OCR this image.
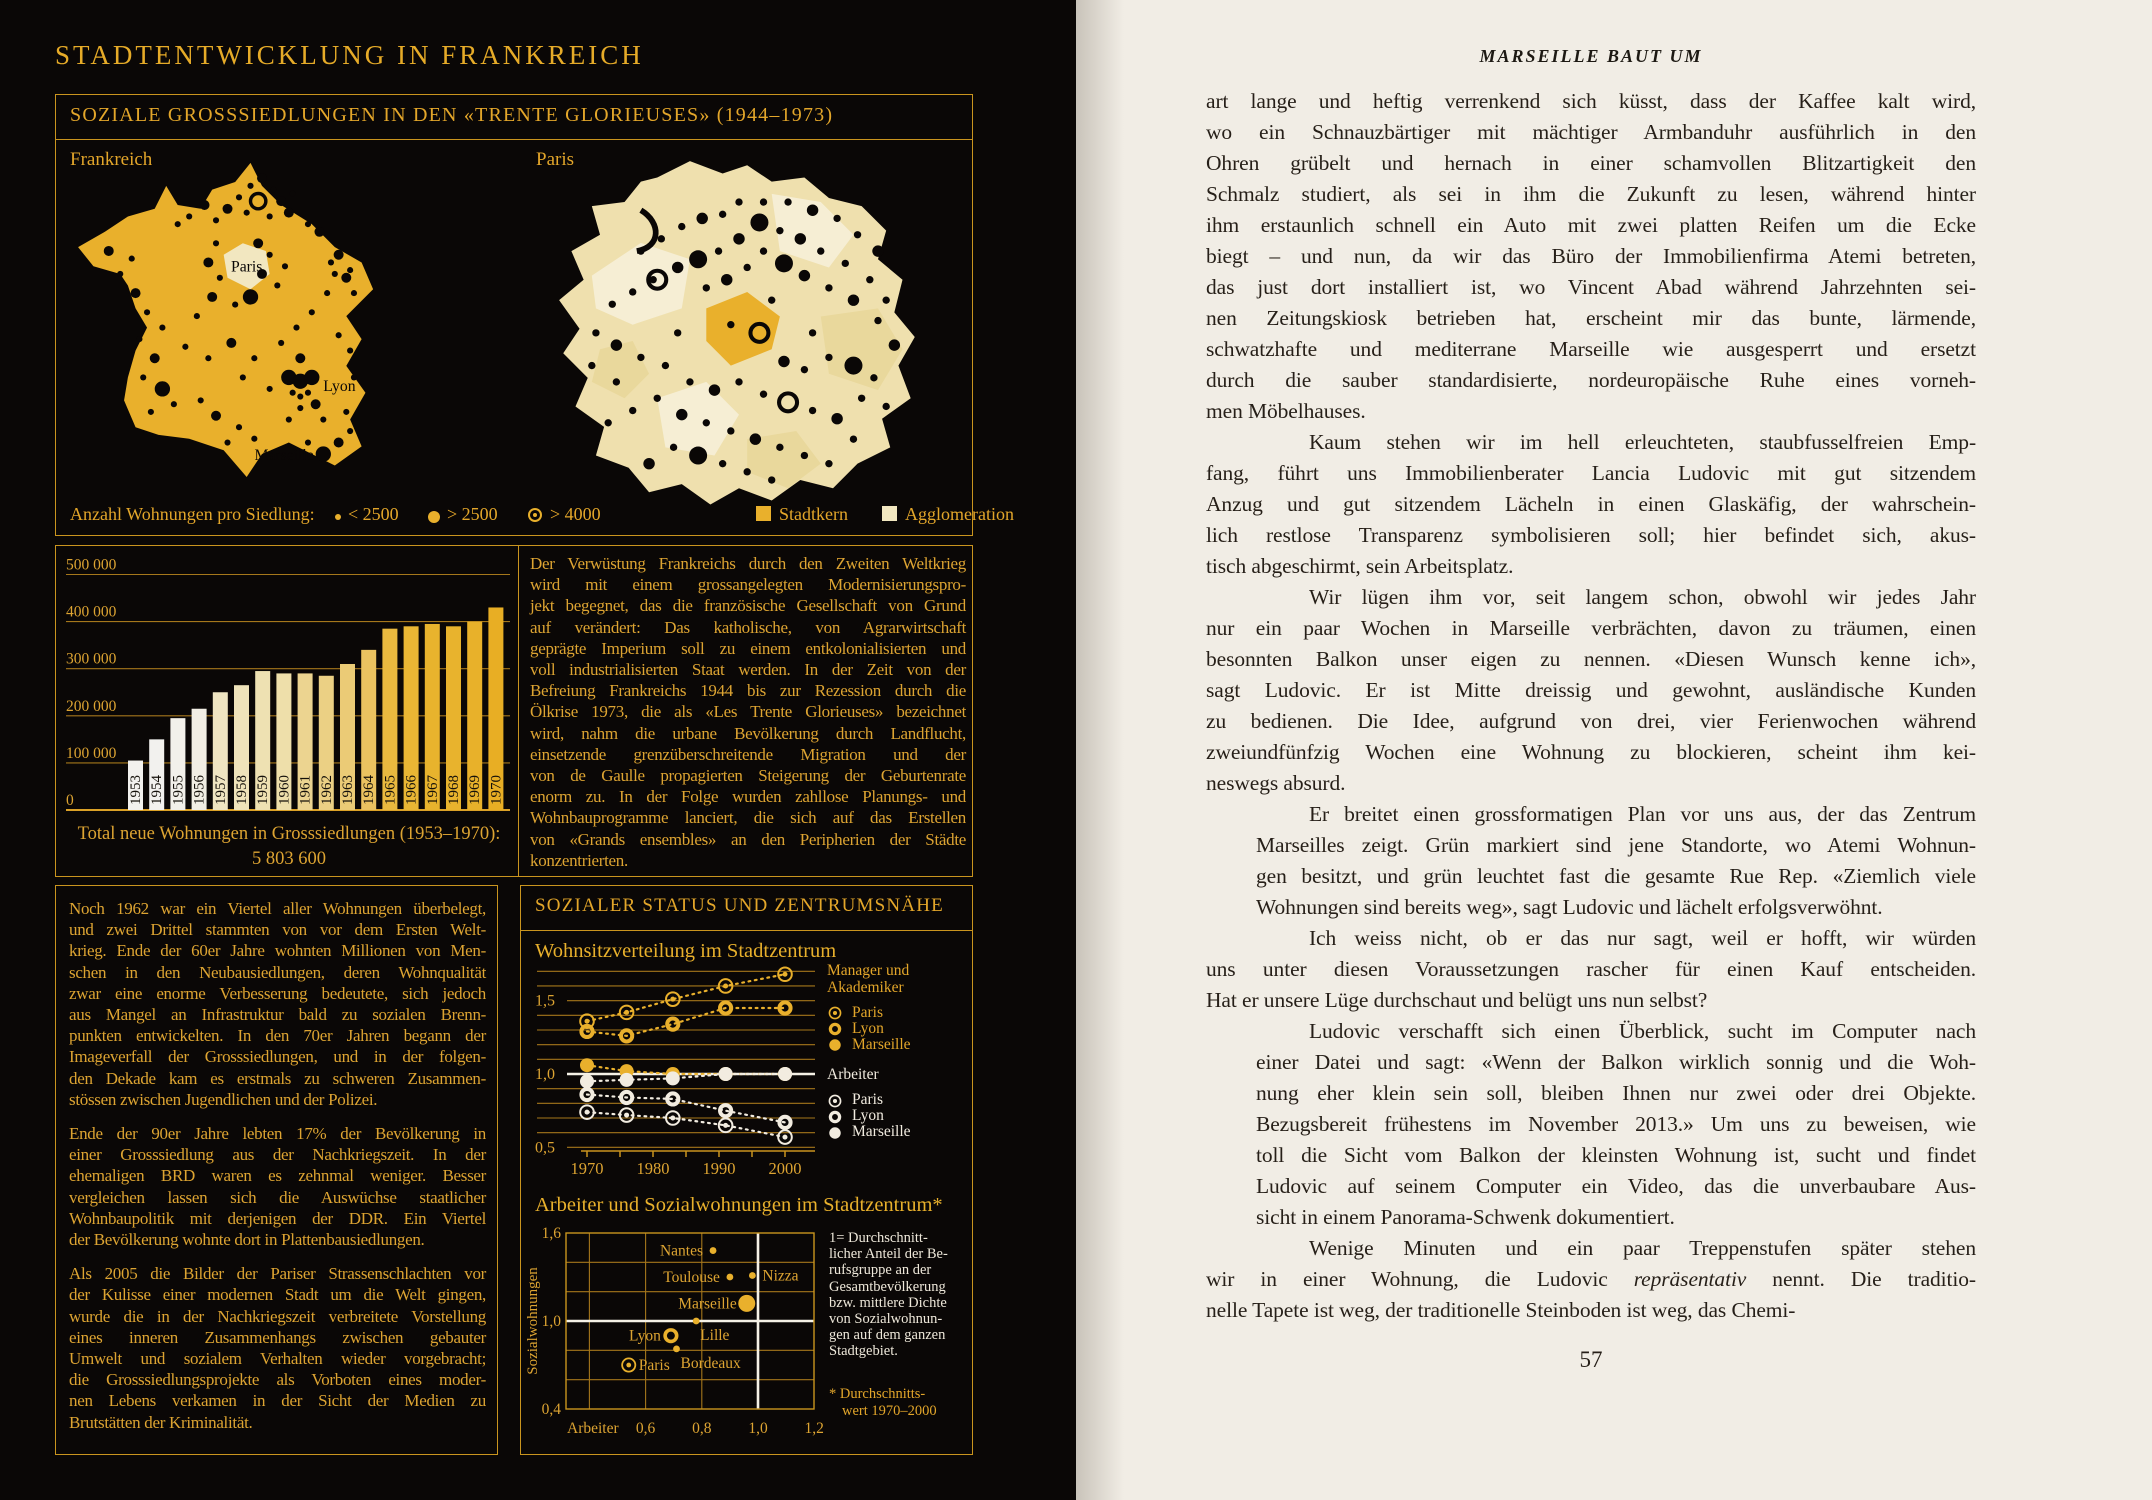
STADTENTWICKLUNG IN FRANKREICH
SOZIALE GROSSSIEDLUNGEN IN DEN «TRENTE GLORIEUSES» (1944–1973)
Frankreich	Paris
Paris
Lyon
Marseille
Anzahl Wohnungen pro Siedlung: < 2500	> 2500	> 4000	Stadtkern	Agglomeration
0
100 000
200 000
300 000
400 000
500 000
1953 1954 1955 1956 1957 1958 1959 1960 1961 1962 1963 1964 1965 1966 1967 1968 1969 1970
Total neue Wohnungen in Grosssiedlungen (1953–1970):
5 803 600
Der Verwüstung Frankreichs durch den Zweiten Weltkrieg
wird mit einem grossangelegten Modernisierungspro-
jekt begegnet, das die französische Gesellschaft von Grund
auf verändert: Das katholische, von Agrarwirtschaft
geprägte Imperium soll zu einem entkolonialisierten und
voll industrialisierten Staat werden. In der Zeit von der
Befreiung Frankreichs 1944 bis zur Rezession durch die
Ölkrise 1973, die als «Les Trente Glorieuses» bezeichnet
wird, nahm die urbane Bevölkerung durch Landflucht,
einsetzende grenzüberschreitende Migration und der
von de Gaulle propagierten Steigerung der Geburtenrate
enorm zu. In der Folge wurden zahllose Planungs- und
Wohnbauprogramme lanciert, die sich auf das Erstellen
von «Grands ensembles» an den Peripherien der Städte
konzentrierten.
Noch 1962 war ein Viertel aller Wohnungen überbelegt,
und zwei Drittel stammten von vor dem Ersten Welt-
krieg. Ende der 60er Jahre wohnten Millionen von Men-
schen in den Neubausiedlungen, deren Wohnqualität
zwar eine enorme Verbesserung bedeutete, sich jedoch
aus Mangel an Infrastruktur bald zu sozialen Brenn-
punkten entwickelten. In den 70er Jahren begann der
Imageverfall der Grosssiedlungen, und in der folgen-
den Dekade kam es erstmals zu schweren Zusammen-
stössen zwischen Jugendlichen und der Polizei.
Ende der 90er Jahre lebten 17% der Bevölkerung in
einer Grosssiedlung aus der Nachkriegszeit. In der
ehemaligen BRD waren es zehnmal weniger. Besser
vergleichen lassen sich die Auswüchse staatlicher
Wohnbaupolitik mit derjenigen der DDR. Ein Viertel
der Bevölkerung wohnte dort in Plattenbausiedlungen.
Als 2005 die Bilder der Pariser Strassenschlachten vor
der Kulisse einer modernen Stadt um die Welt gingen,
wurde die in der Nachkriegszeit verbreitete Vorstellung
eines inneren Zusammenhangs zwischen gebauter
Umwelt und sozialem Verhalten wieder vorgebracht;
die Grosssiedlungsprojekte als Vorboten eines moder-
nen Lebens verkamen in der Sicht der Medien zu
Brutstätten der Kriminalität.
SOZIALER STATUS UND ZENTRUMSNÄHE
Wohnsitzverteilung im Stadtzentrum
0,5
1,0
1,5
1970 1980 1990 2000
Manager und Akademiker
Paris
Lyon
Marseille
Arbeiter
Paris
Lyon
Marseille
Arbeiter und Sozialwohnungen im Stadtzentrum*
0,4
1,0
1,6
Sozialwohnungen
Arbeiter 0,6 0,8 1,0 1,2
Nantes
Toulouse	Nizza
Marseille
Lille
Lyon
Bordeaux
Paris
1= Durchschnitt-
licher Anteil der Be-
rufsgruppe an der
Gesamtbevölkerung
bzw. mittlere Dichte
von Sozialwohnun-
gen auf dem ganzen
Stadtgebiet.
* Durchschnitts-
wert 1970–2000
MARSEILLE BAUT UM
art lange und heftig verrenkend sich küsst, dass der Kaffee kalt wird,
wo ein Schnauzbärtiger mit mächtiger Armbanduhr ausführlich in den
Ohren grübelt und hernach in einer schamvollen Blitzartigkeit den
Schmalz studiert, als sei in ihm die Zukunft zu lesen, während hinter
ihm erstaunlich schnell ein Auto mit zwei platten Reifen um die Ecke
biegt – und nun, da wir das Büro der Immobilienfirma Atemi betreten,
das just dort installiert ist, wo Vincent Abad während Jahrzehnten sei-
nen Zeitungskiosk betrieben hat, erscheint mir das bunte, lärmende,
schwatzhafte und mediterrane Marseille wie ausgesperrt und ersetzt
durch die sauber standardisierte, nordeuropäische Ruhe eines vorneh-
men Möbelhauses.
Kaum stehen wir im hell erleuchteten, staubfusselfreien Emp-
fang, führt uns Immobilienberater Lancia Ludovic mit gut sitzendem
Anzug und gut sitzendem Lächeln in einen Glaskäfig, der wahrschein-
lich restlose Transparenz symbolisieren soll; hier befindet sich, akus-
tisch abgeschirmt, sein Arbeitsplatz.
Wir lügen ihm vor, seit langem schon, obwohl wir jedes Jahr
nur ein paar Wochen in Marseille verbrächten, davon zu träumen, einen
besonnten Balkon unser eigen zu nennen. «Diesen Wunsch kenne ich»,
sagt Ludovic. Er ist Mitte dreissig und gewohnt, ausländische Kunden
zu bedienen. Die Idee, aufgrund von drei, vier Ferienwochen während
zweiundfünfzig Wochen eine Wohnung zu blockieren, scheint ihm kei-
neswegs absurd.
Er breitet einen grossformatigen Plan vor uns aus, der das Zentrum
Marseilles zeigt. Grün markiert sind jene Standorte, wo Atemi Wohnun-
gen besitzt, und grün leuchtet fast die gesamte Rue Rep. «Ziemlich viele
Wohnungen sind bereits weg», sagt Ludovic und lächelt erfolgsverwöhnt.
Ich weiss nicht, ob er das nur sagt, weil er hofft, wir würden
uns unter diesen Voraussetzungen rascher für einen Kauf entscheiden.
Hat er unsere Lüge durchschaut und belügt uns nun selbst?
Ludovic verschafft sich einen Überblick, sucht im Computer nach
einer Datei und sagt: «Wenn der Balkon wirklich sonnig und die Woh-
nung eher klein sein soll, bleiben Ihnen nur zwei oder drei Objekte.
Bezugsbereit frühestens im November 2013.» Um uns zu beweisen, wie
toll die Sicht vom Balkon der kleinsten Wohnung ist, sucht und findet
Ludovic auf seinem Computer ein Video, das die unverbaubare Aus-
sicht in einem Panorama-Schwenk dokumentiert.
Wenige Minuten und ein paar Treppenstufen später stehen
wir in einer Wohnung, die Ludovic repräsentativ nennt. Die traditio-
nelle Tapete ist weg, der traditionelle Steinboden ist weg, das Chemi-
57
